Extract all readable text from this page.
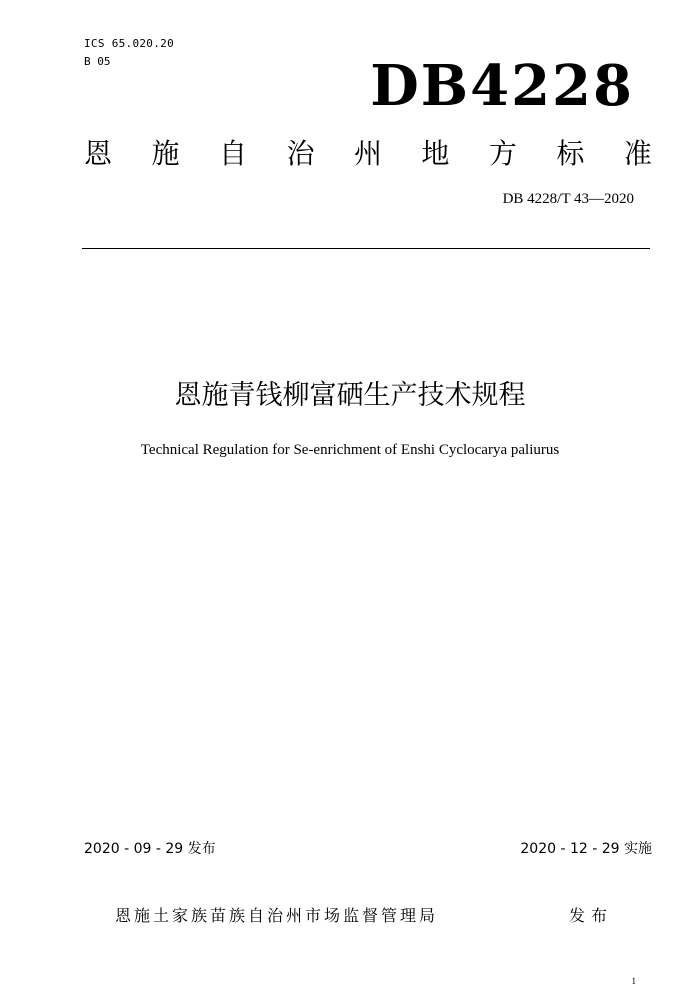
ICS 65.020.20
B 05	DB4228
恩 施 自 治 州 地 方 标 准
DB 4228/T 43—2020
恩施青钱柳富硒生产技术规程
Technical Regulation for Se-enrichment of Enshi Cyclocarya paliurus
2020 - 09 - 29 发布	2020 - 12 - 29 实施
恩施土家族苗族自治州市场监督管理局	发布
1
